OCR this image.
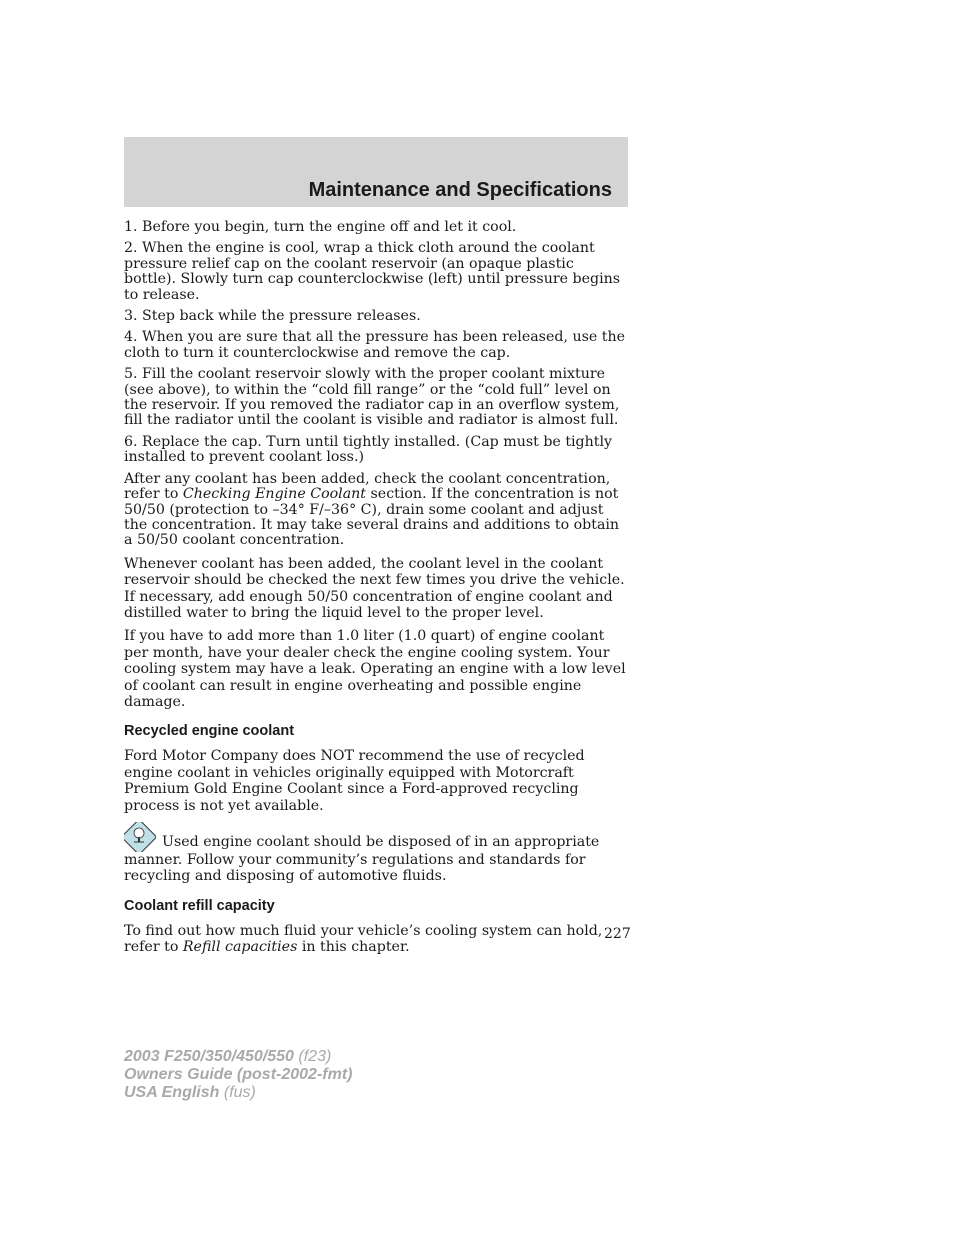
Maintenance and Specifications

1. Before you begin, turn the engine off and let it cool.

2. When the engine is cool, wrap a thick cloth around the coolant pressure relief cap on the coolant reservoir (an opaque plastic bottle). Slowly turn cap counterclockwise (left) until pressure begins to release.

3. Step back while the pressure releases.

4. When you are sure that all the pressure has been released, use the cloth to turn it counterclockwise and remove the cap.

5. Fill the coolant reservoir slowly with the proper coolant mixture (see above), to within the “cold fill range” or the “cold full” level on the reservoir. If you removed the radiator cap in an overflow system, fill the radiator until the coolant is visible and radiator is almost full.

6. Replace the cap. Turn until tightly installed. (Cap must be tightly installed to prevent coolant loss.)

After any coolant has been added, check the coolant concentration, refer to Checking Engine Coolant section. If the concentration is not 50/50 (protection to –34° F/–36° C), drain some coolant and adjust the concentration. It may take several drains and additions to obtain a 50/50 coolant concentration.

Whenever coolant has been added, the coolant level in the coolant reservoir should be checked the next few times you drive the vehicle. If necessary, add enough 50/50 concentration of engine coolant and distilled water to bring the liquid level to the proper level.

If you have to add more than 1.0 liter (1.0 quart) of engine coolant per month, have your dealer check the engine cooling system. Your cooling system may have a leak. Operating an engine with a low level of coolant can result in engine overheating and possible engine damage.

Recycled engine coolant

Ford Motor Company does NOT recommend the use of recycled engine coolant in vehicles originally equipped with Motorcraft Premium Gold Engine Coolant since a Ford-approved recycling process is not yet available.

Used engine coolant should be disposed of in an appropriate manner. Follow your community’s regulations and standards for recycling and disposing of automotive fluids.

Coolant refill capacity

To find out how much fluid your vehicle’s cooling system can hold, refer to Refill capacities in this chapter.

227
2003 F250/350/450/550 (f23)
Owners Guide (post-2002-fmt)
USA English (fus)
